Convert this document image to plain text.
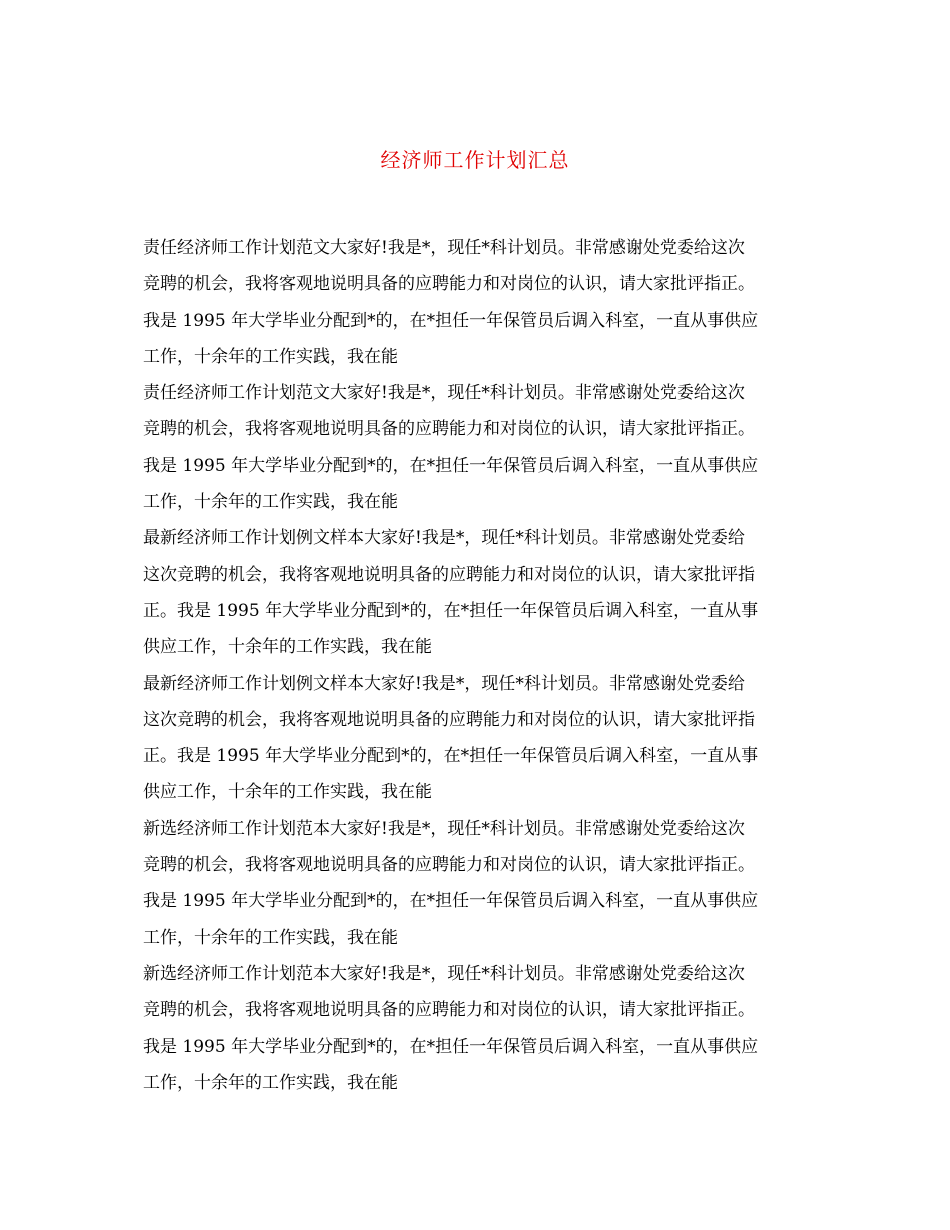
经济师工作计划汇总
责任经济师工作计划范文大家好!我是*，现任*科计划员。非常感谢处党委给这次
竞聘的机会，我将客观地说明具备的应聘能力和对岗位的认识，请大家批评指正。
我是 1995 年大学毕业分配到*的，在*担任一年保管员后调入科室，一直从事供应
工作，十余年的工作实践，我在能
责任经济师工作计划范文大家好!我是*，现任*科计划员。非常感谢处党委给这次
竞聘的机会，我将客观地说明具备的应聘能力和对岗位的认识，请大家批评指正。
我是 1995 年大学毕业分配到*的，在*担任一年保管员后调入科室，一直从事供应
工作，十余年的工作实践，我在能
最新经济师工作计划例文样本大家好!我是*，现任*科计划员。非常感谢处党委给
这次竞聘的机会，我将客观地说明具备的应聘能力和对岗位的认识，请大家批评指
正。我是 1995 年大学毕业分配到*的，在*担任一年保管员后调入科室，一直从事
供应工作，十余年的工作实践，我在能
最新经济师工作计划例文样本大家好!我是*，现任*科计划员。非常感谢处党委给
这次竞聘的机会，我将客观地说明具备的应聘能力和对岗位的认识，请大家批评指
正。我是 1995 年大学毕业分配到*的，在*担任一年保管员后调入科室，一直从事
供应工作，十余年的工作实践，我在能
新选经济师工作计划范本大家好!我是*，现任*科计划员。非常感谢处党委给这次
竞聘的机会，我将客观地说明具备的应聘能力和对岗位的认识，请大家批评指正。
我是 1995 年大学毕业分配到*的，在*担任一年保管员后调入科室，一直从事供应
工作，十余年的工作实践，我在能
新选经济师工作计划范本大家好!我是*，现任*科计划员。非常感谢处党委给这次
竞聘的机会，我将客观地说明具备的应聘能力和对岗位的认识，请大家批评指正。
我是 1995 年大学毕业分配到*的，在*担任一年保管员后调入科室，一直从事供应
工作，十余年的工作实践，我在能
